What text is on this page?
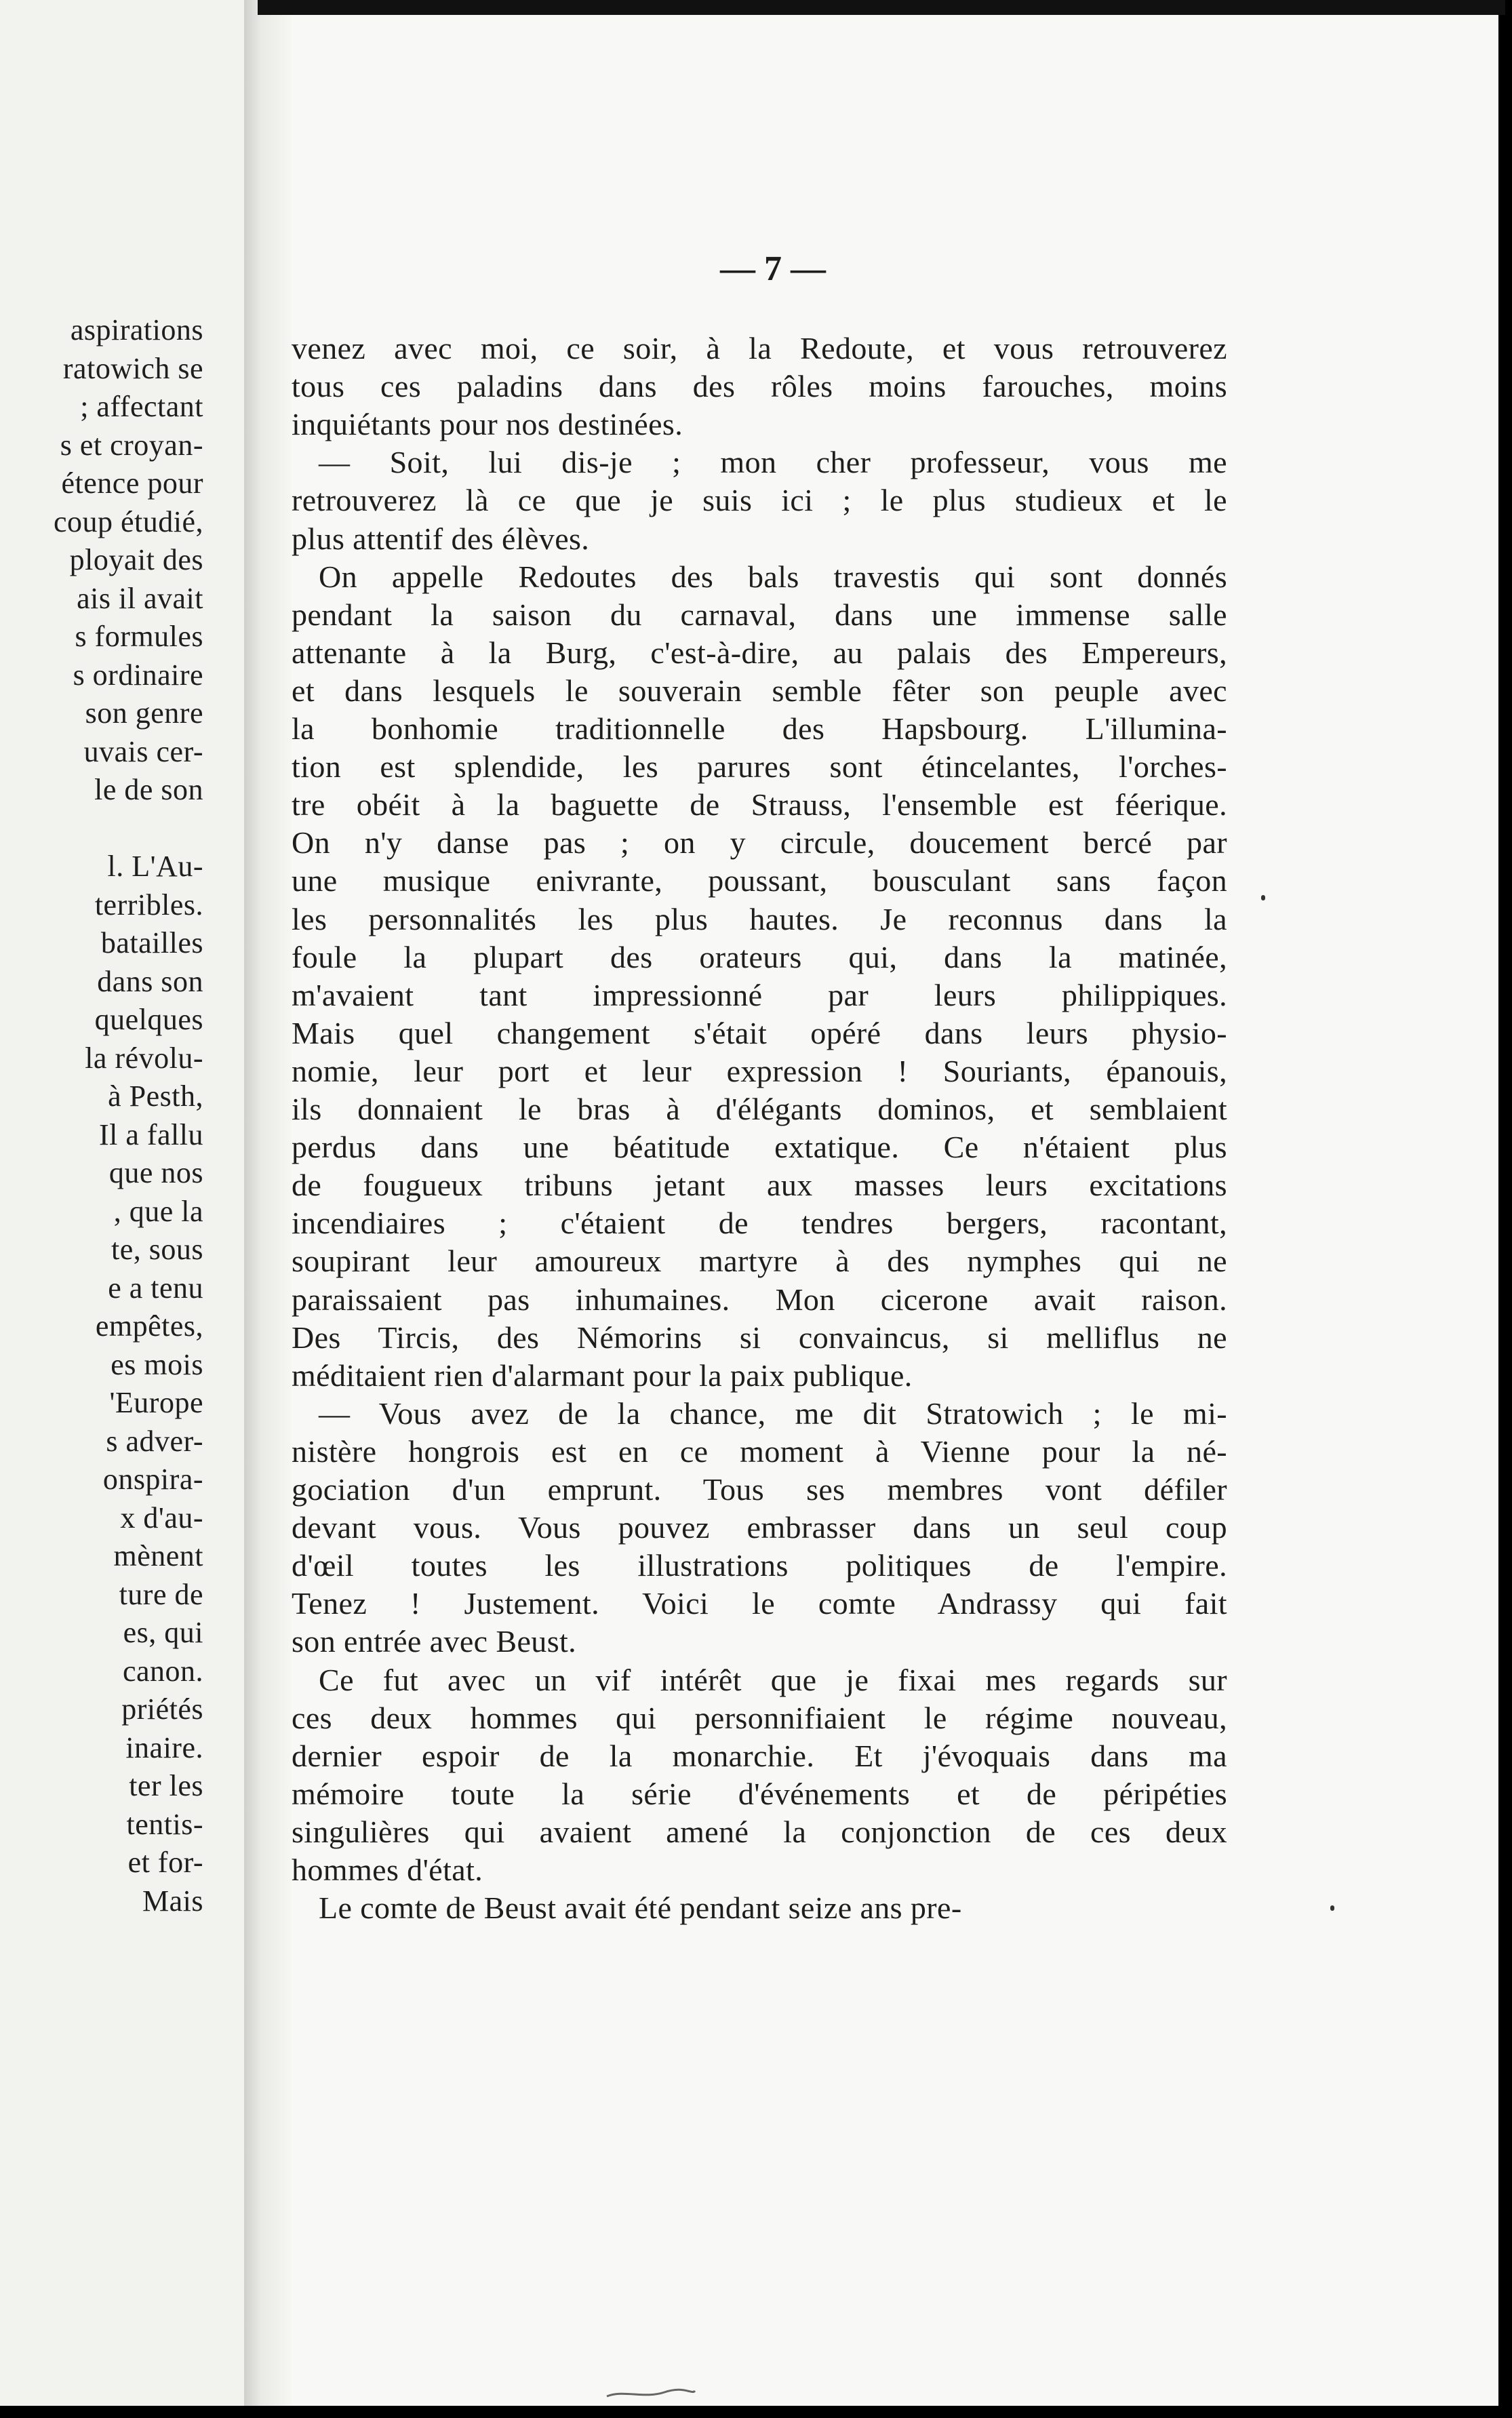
— 7 —
aspirations
ratowich se
; affectant
s et croyan-
étence pour
coup étudié,
ployait des
ais il avait
s formules
s ordinaire
son genre
uvais cer-
le de son
l. L'Au-
terribles.
batailles
dans son
quelques
la révolu-
à Pesth,
Il a fallu
que nos
, que la
te, sous
e a tenu
empêtes,
es mois
'Europe
s adver-
onspira-
x d'au-
mènent
ture de
es, qui
canon.
priétés
inaire.
ter les
tentis-
et for-
Mais
venez avec moi, ce soir, à la Redoute, et vous retrouverez
tous ces paladins dans des rôles moins farouches, moins
inquiétants pour nos destinées.
— Soit, lui dis-je ; mon cher professeur, vous me
retrouverez là ce que je suis ici ; le plus studieux et le
plus attentif des élèves.
On appelle Redoutes des bals travestis qui sont donnés
pendant la saison du carnaval, dans une immense salle
attenante à la Burg, c'est-à-dire, au palais des Empereurs,
et dans lesquels le souverain semble fêter son peuple avec
la bonhomie traditionnelle des Hapsbourg. L'illumina-
tion est splendide, les parures sont étincelantes, l'orches-
tre obéit à la baguette de Strauss, l'ensemble est féerique.
On n'y danse pas ; on y circule, doucement bercé par
une musique enivrante, poussant, bousculant sans façon
les personnalités les plus hautes. Je reconnus dans la
foule la plupart des orateurs qui, dans la matinée,
m'avaient tant impressionné par leurs philippiques.
Mais quel changement s'était opéré dans leurs physio-
nomie, leur port et leur expression ! Souriants, épanouis,
ils donnaient le bras à d'élégants dominos, et semblaient
perdus dans une béatitude extatique. Ce n'étaient plus
de fougueux tribuns jetant aux masses leurs excitations
incendiaires ; c'étaient de tendres bergers, racontant,
soupirant leur amoureux martyre à des nymphes qui ne
paraissaient pas inhumaines. Mon cicerone avait raison.
Des Tircis, des Némorins si convaincus, si melliflus ne
méditaient rien d'alarmant pour la paix publique.
— Vous avez de la chance, me dit Stratowich ; le mi-
nistère hongrois est en ce moment à Vienne pour la né-
gociation d'un emprunt. Tous ses membres vont défiler
devant vous. Vous pouvez embrasser dans un seul coup
d'œil toutes les illustrations politiques de l'empire.
Tenez ! Justement. Voici le comte Andrassy qui fait
son entrée avec Beust.
Ce fut avec un vif intérêt que je fixai mes regards sur
ces deux hommes qui personnifiaient le régime nouveau,
dernier espoir de la monarchie. Et j'évoquais dans ma
mémoire toute la série d'événements et de péripéties
singulières qui avaient amené la conjonction de ces deux
hommes d'état.
Le comte de Beust avait été pendant seize ans pre-
